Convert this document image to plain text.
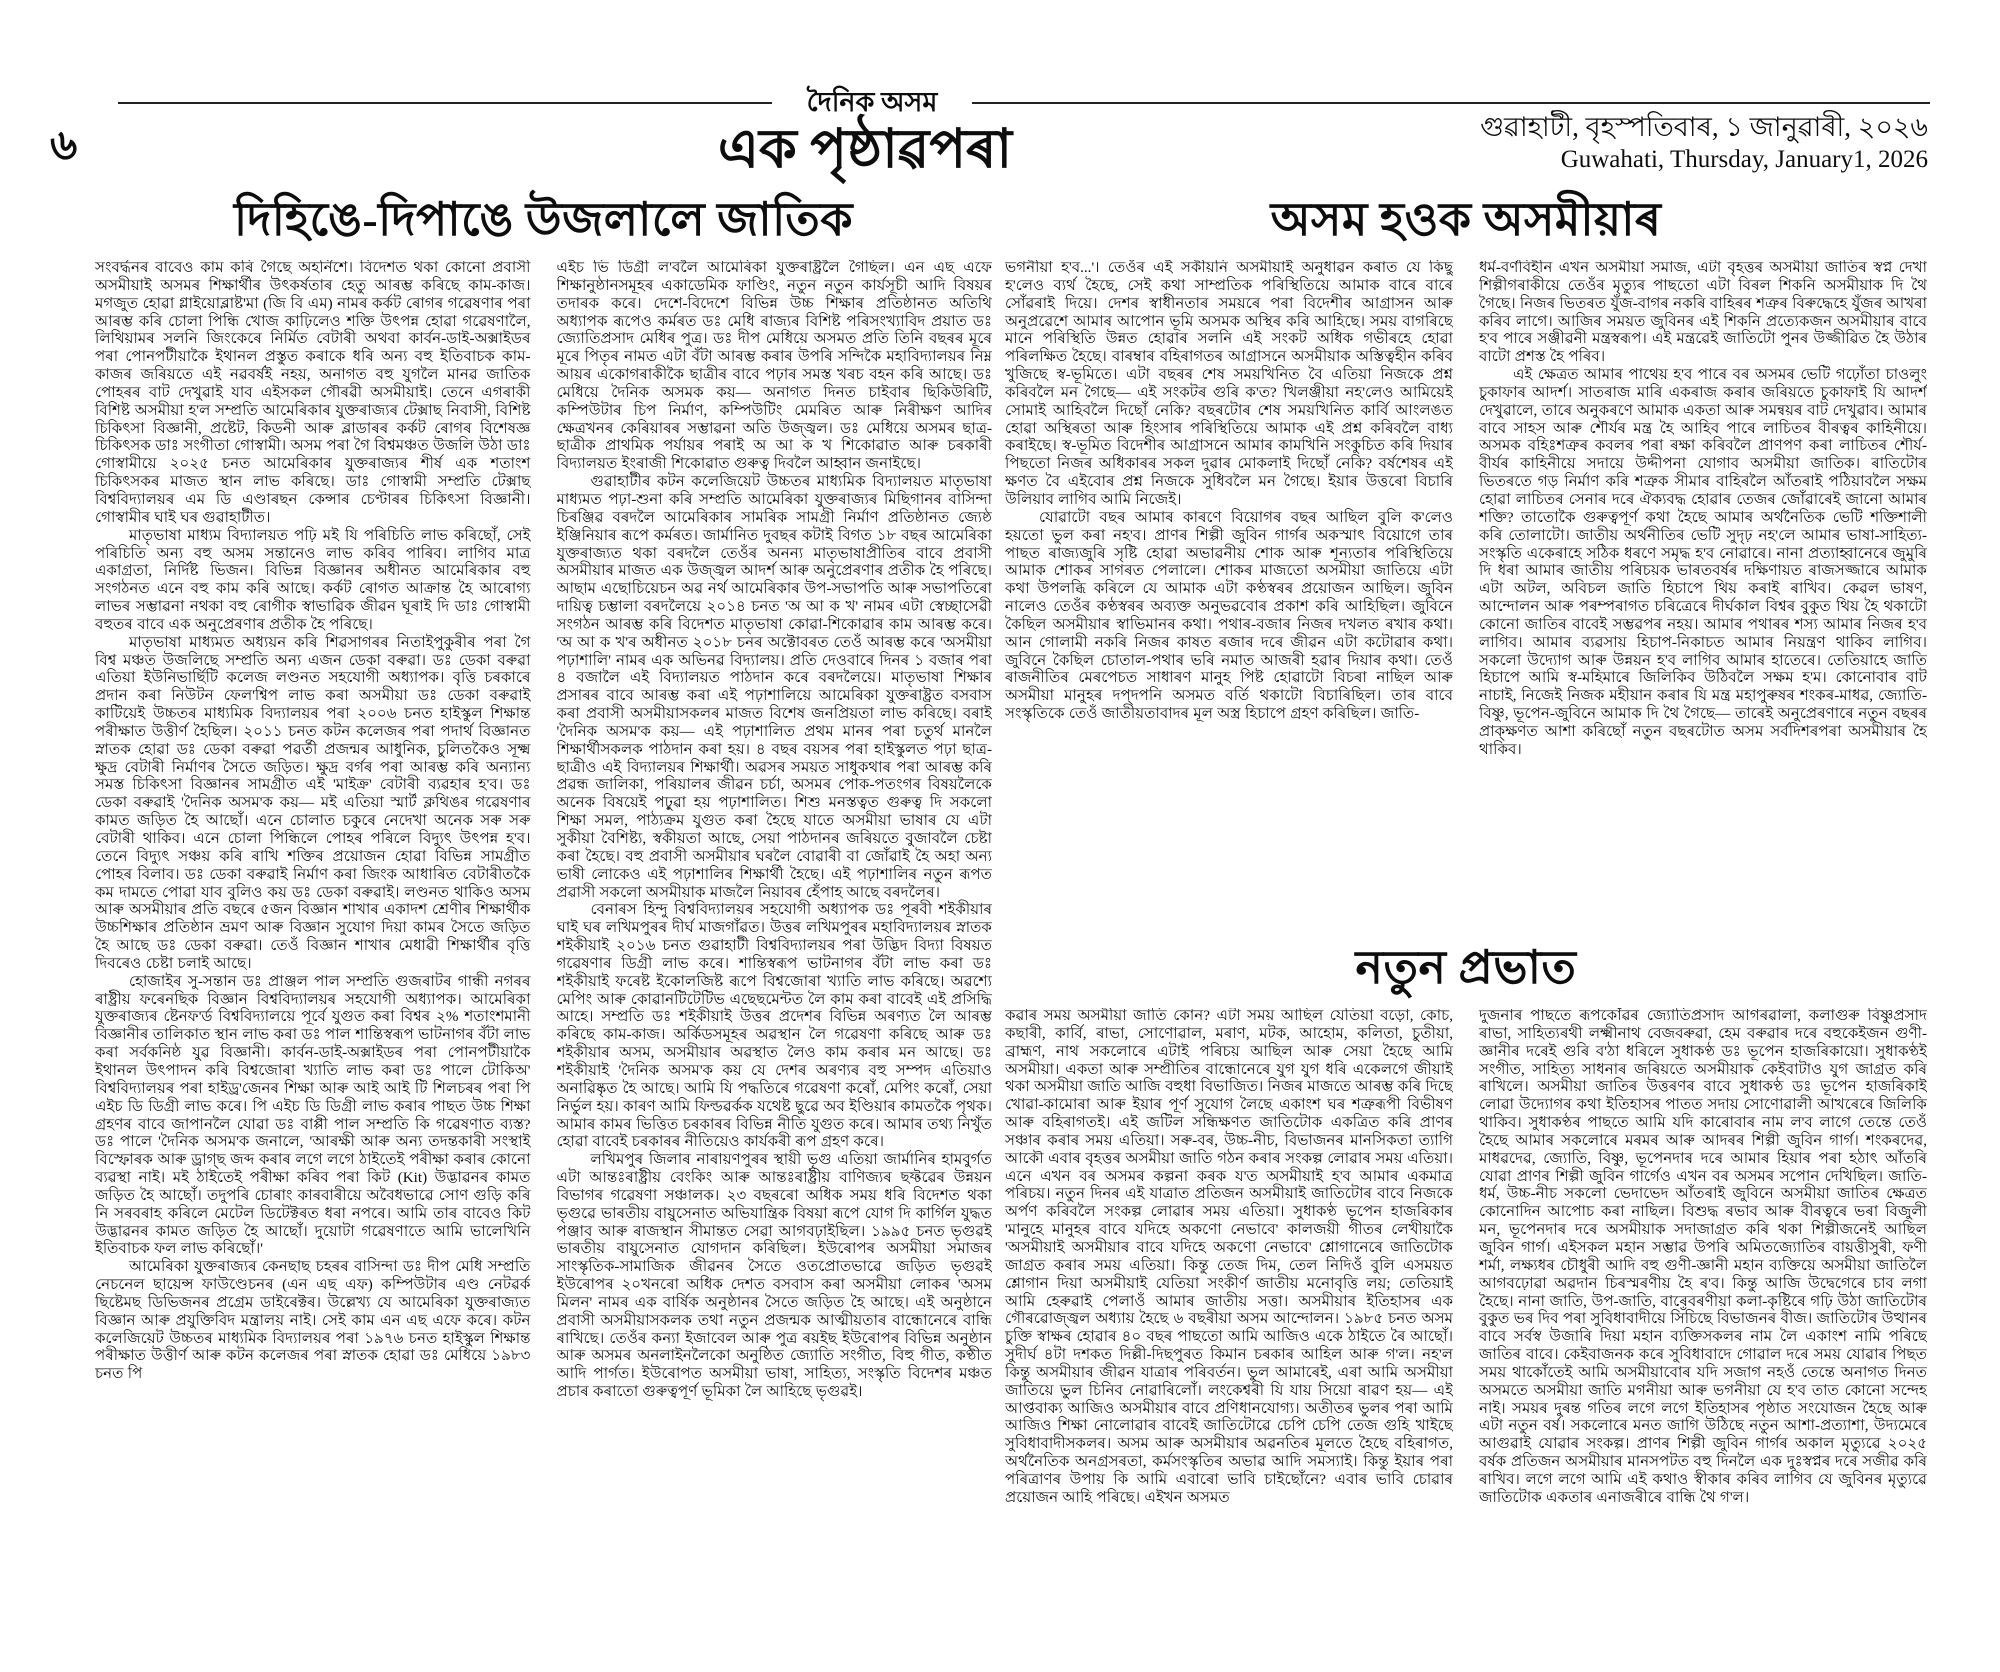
দৈনিক অসম
৬	এক পৃষ্ঠাৱপৰা	গুৱাহাটী, বৃহস্পতিবাৰ, ১ জানুৱাৰী, ২০২৬
Guwahati, Thursday, January1, 2026
দিহিঙে-দিপাঙে উজলালে জাতিক

সংবৰ্দ্ধনৰ বাবেও কাম কৰি গৈছে অহৰ্নিশে। বিদেশত থকা কোনো প্ৰবাসী অসমীয়াই অসমৰ শিক্ষাৰ্থীৰ উৎকৰ্ষতাৰ হেতু আৰম্ভ কৰিছে কাম-কাজ। মগজুত হোৱা গ্লাইয়োব্লাষ্ট'মা (জি বি এম) নামৰ কৰ্কট ৰোগৰ গৱেষণাৰ পৰা আৰম্ভ কৰি চোলা পিন্ধি খোজ কাঢ়িলেও শক্তি উৎপন্ন হোৱা গৱেষণালৈ, লিথিয়ামৰ সলনি জিংকেৰে নিৰ্মিত বেটাৰী অথবা কাৰ্বন-ডাই-অক্সাইডৰ পৰা পোনপটীয়াকৈ ইথানল প্ৰস্তুত কৰাকে ধৰি অন্য বহু ইতিবাচক কাম-কাজৰ জৰিয়তে এই নৱবৰ্ষই নহয়, অনাগত বহু যুগলৈ মানৱ জাতিক পোহৰৰ বাট দেখুৱাই যাব এইসকল গৌৰৱী অসমীয়াই। তেনে এগৰাকী বিশিষ্ট অসমীয়া হ'ল সম্প্ৰতি আমেৰিকাৰ যুক্তৰাজ্যৰ টেক্সাছ নিবাসী, বিশিষ্ট চিকিৎসা বিজ্ঞানী, প্ৰষ্টেট, কিডনী আৰু ব্লাডাৰৰ কৰ্কট ৰোগৰ বিশেষজ্ঞ চিকিৎসক ডাঃ সংগীতা গোস্বামী। অসম পৰা গৈ বিশ্বমঞ্চত উজলি উঠা ডাঃ গোস্বামীয়ে ২০২৫ চনত আমেৰিকাৰ যুক্তৰাজ্যৰ শীৰ্ষ এক শতাংশ চিকিৎসকৰ মাজত স্থান লাভ কৰিছে। ডাঃ গোস্বামী সম্প্ৰতি টেক্সাছ বিশ্ববিদ্যালয়ৰ এম ডি এণ্ডাৰছন কেন্সাৰ চেণ্টাৰৰ চিকিৎসা বিজ্ঞানী। গোস্বামীৰ ঘাই ঘৰ গুৱাহাটীত।

মাতৃভাষা মাধ্যম বিদ্যালয়ত পঢ়ি মই যি পৰিচিতি লাভ কৰিছোঁ, সেই পৰিচিতি অন্য বহু অসম সন্তানেও লাভ কৰিব পাৰিব। লাগিব মাত্ৰ একাগ্ৰতা, নিৰ্দিষ্ট ভিজন। বিভিন্ন বিজ্ঞানৰ অধীনত আমেৰিকাৰ বহু সংগঠনত এনে বহু কাম কৰি আছে। কৰ্কট ৰোগত আক্ৰান্ত হৈ আৰোগ্য লাভৰ সম্ভাৱনা নথকা বহু ৰোগীক স্বাভাৱিক জীৱন ঘূৰাই দি ডাঃ গোস্বামী বহুতৰ বাবে এক অনুপ্ৰেৰণাৰ প্ৰতীক হৈ পৰিছে।

মাতৃভাষা মাধ্যমত অধ্যয়ন কৰি শিৱসাগৰৰ নিতাইপুকুৰীৰ পৰা গৈ বিশ্ব মঞ্চত উজলিছে সম্প্ৰতি অন্য এজন ডেকা বৰুৱা। ডঃ ডেকা বৰুৱা এতিয়া ইউনিভাৰ্ছিটি কলেজ লণ্ডনত সহযোগী অধ্যাপক। বৃত্তি চৰকাৰে প্ৰদান কৰা নিউটন ফেল'শ্বিপ লাভ কৰা অসমীয়া ডঃ ডেকা বৰুৱাই কাটিয়েই উচ্চতৰ মাধ্যমিক বিদ্যালয়ৰ পৰা ২০০৬ চনত হাইস্কুল শিক্ষান্ত পৰীক্ষাত উত্তীৰ্ণ হৈছিল। ২০১১ চনত কটন কলেজৰ পৰা পদাৰ্থ বিজ্ঞানত স্নাতক হোৱা ডঃ ডেকা বৰুৱা পৱৰ্তী প্ৰজন্মৰ আধুনিক, চুলিতকৈও সূক্ষ্ম ক্ষুদ্ৰ বেটাৰী নিৰ্মাণৰ সৈতে জড়িত। ক্ষুদ্ৰ বৰ্গৰ পৰা আৰম্ভ কৰি অন্যান্য সমস্ত চিকিৎসা বিজ্ঞানৰ সামগ্ৰীত এই 'মাইক্ৰ' বেটাৰী ব্যৱহাৰ হ'ব। ডঃ ডেকা বৰুৱাই 'দৈনিক অসম'ক কয়— মই এতিয়া স্মাৰ্ট ক্লথিঙৰ গৱেষণাৰ কামত জড়িত হৈ আছোঁ। এনে চোলাত চকুৰে নেদেখা অনেক সৰু সৰু বেটাৰী থাকিব। এনে চোলা পিন্ধিলে পোহৰ পৰিলে বিদ্যুৎ উৎপন্ন হ'ব। তেনে বিদ্যুৎ সঞ্চয় কৰি ৰাখি শক্তিৰ প্ৰয়োজন হোৱা বিভিন্ন সামগ্ৰীত পোহৰ বিলাব। ডঃ ডেকা বৰুৱাই নিৰ্মাণ কৰা জিংক আধাৰিত বেটাৰীতকৈ কম দামতে পোৱা যাব বুলিও কয় ডঃ ডেকা বৰুৱাই। লণ্ডনত থাকিও অসম আৰু অসমীয়াৰ প্ৰতি বছৰে ৫জন বিজ্ঞান শাখাৰ একাদশ শ্ৰেণীৰ শিক্ষাৰ্থীক উচ্চশিক্ষাৰ প্ৰতিষ্ঠান ভ্ৰমণ আৰু বিজ্ঞান সুযোগ দিয়া কামৰ সৈতে জড়িত হৈ আছে ডঃ ডেকা বৰুৱা। তেওঁ বিজ্ঞান শাখাৰ মেধাৱী শিক্ষাৰ্থীৰ বৃত্তি দিবৰেও চেষ্টা চলাই আছে।

হোজাইৰ সু-সন্তান ডঃ প্ৰাঞ্জল পাল সম্প্ৰতি গুজৰাটৰ গান্ধী নগৰৰ ৰাষ্ট্ৰীয় ফৰেনছিক বিজ্ঞান বিশ্ববিদ্যালয়ৰ সহযোগী অধ্যাপক। আমেৰিকা যুক্তৰাজ্যৰ ষ্টেনফ'ৰ্ড বিশ্ববিদ্যালয়ে পূৰ্বে যুগুত কৰা বিশ্বৰ ২% শতাংশমানী বিজ্ঞানীৰ তালিকাত স্থান লাভ কৰা ডঃ পাল শান্তিস্বৰূপ ভাটনাগৰ বঁটা লাভ কৰা সৰ্বকনিষ্ঠ যুৱ বিজ্ঞানী। কাৰ্বন-ডাই-অক্সাইডৰ পৰা পোনপটীয়াকৈ ইথানল উৎপাদন কৰি বিশ্বজোৰা খ্যাতি লাভ কৰা ডঃ পালে টোকিঅ' বিশ্ববিদ্যালয়ৰ পৰা হাইড্ৰ'জেনৰ শিক্ষা আৰু আই আই টি শিলচৰৰ পৰা পি এইচ ডি ডিগ্ৰী লাভ কৰে। পি এইচ ডি ডিগ্ৰী লাভ কৰাৰ পাছত উচ্চ শিক্ষা গ্ৰহণৰ বাবে জাপানলৈ যোৱা ডঃ বাপ্পী পাল সম্প্ৰতি কি গৱেষণাত ব্যস্ত? ডঃ পালে 'দৈনিক অসম'ক জনালে, 'আৰক্ষী আৰু অন্য তদন্তকাৰী সংস্থাই বিস্ফোৰক আৰু ড্ৰাগ্‌ছ জব্দ কৰাৰ লগে লগে ঠাইতেই পৰীক্ষা কৰাৰ কোনো ব্যৱস্থা নাই। মই ঠাইতেই পৰীক্ষা কৰিব পৰা কিট (Kit) উদ্ভাৱনৰ কামত জড়িত হৈ আছোঁ। তদুপৰি চোৰাং কাৰবাৰীয়ে অবৈধভাৱে সোণ গুড়ি কৰি নি সৰবৰাহ কৰিলে মেটেল ডিটেক্টৰত ধৰা নপৰে। আমি তাৰ বাবেও কিট উদ্ভাৱনৰ কামত জড়িত হৈ আছোঁ। দুয়োটা গৱেষণাতে আমি ভালেখিনি ইতিবাচক ফল লাভ কৰিছোঁ।'

আমেৰিকা যুক্তৰাজ্যৰ কেনছাছ চহৰৰ বাসিন্দা ডঃ দীপ মেধি সম্প্ৰতি নেচনেল ছায়েন্স ফাউণ্ডেচনৰ (এন এছ এফ) কম্পিউটাৰ এণ্ড নেটৱৰ্ক ছিষ্টেমছ ডিভিজনৰ প্ৰগ্ৰেম ডাইৰেক্টৰ। উল্লেখ্য যে আমেৰিকা যুক্তৰাজ্যত বিজ্ঞান আৰু প্ৰযুক্তিবিদ মন্ত্ৰালয় নাই। সেই কাম এন এছ এফে কৰে। কটন কলেজিয়েট উচ্চতৰ মাধ্যমিক বিদ্যালয়ৰ পৰা ১৯৭৬ চনত হাইস্কুল শিক্ষান্ত পৰীক্ষাত উত্তীৰ্ণ আৰু কটন কলেজৰ পৰা স্নাতক হোৱা ডঃ মেধিয়ে ১৯৮৩ চনত পি

এইচ ভি ডিগ্ৰী ল'বলৈ আমেৰিকা যুক্তৰাষ্ট্ৰলৈ গৈছিল। এন এছ এফে শিক্ষানুষ্ঠানসমূহৰ একাডেমিক ফাণ্ডিং, নতুন নতুন কাৰ্যসূচী আদি বিষয়ৰ তদাৰক কৰে। দেশে-বিদেশে বিভিন্ন উচ্চ শিক্ষাৰ প্ৰতিষ্ঠানত অতিথি অধ্যাপক ৰূপেও কৰ্মৰত ডঃ মেধি ৰাজ্যৰ বিশিষ্ট পৰিসংখ্যাবিদ প্ৰয়াত ডঃ জ্যোতিপ্ৰসাদ মেধিৰ পুত্ৰ। ডঃ দীপ মেধিয়ে অসমত প্ৰতি তিনি বছৰৰ মূৰে মূৰে পিতৃৰ নামত এটা বঁটা আৰম্ভ কৰাৰ উপৰি সন্দিকৈ মহাবিদ্যালয়ৰ নিম্ন আয়ৰ একোগৰাকীকৈ ছাত্ৰীৰ বাবে পঢ়াৰ সমস্ত খৰচ বহন কৰি আছে। ডঃ মেধিয়ে দৈনিক অসমক কয়— অনাগত দিনত চাইবাৰ ছিকিউৰিটি, কম্পিউটাৰ চিপ নিৰ্মাণ, কম্পিউটিং মেমৰিত আৰু নিৰীক্ষণ আদিৰ ক্ষেত্ৰখনৰ কেৰিয়াৰৰ সম্ভাৱনা অতি উজ্জ্বল। ডঃ মেধিয়ে অসমৰ ছাত্ৰ-ছাত্ৰীক প্ৰাথমিক পৰ্যায়ৰ পৰাই অ আ ক খ শিকোৱাত আৰু চৰকাৰী বিদ্যালয়ত ইংৰাজী শিকোৱাত গুৰুত্ব দিবলৈ আহ্বান জনাইছে।

গুৱাহাটীৰ কটন কলেজিয়েট উচ্চতৰ মাধ্যমিক বিদ্যালয়ত মাতৃভাষা মাধ্যমত পঢ়া-শুনা কৰি সম্প্ৰতি আমেৰিকা যুক্তৰাজ্যৰ মিছিগানৰ বাসিন্দা চিৰঞ্জিৱ বৰদলৈ আমেৰিকাৰ সামৰিক সামগ্ৰী নিৰ্মাণ প্ৰতিষ্ঠানত জ্যেষ্ঠ ইঞ্জিনিয়াৰ ৰূপে কৰ্মৰত। জাৰ্মানিত দুবছৰ কটাই বিগত ১৮ বছৰ আমেৰিকা যুক্তৰাজ্যত থকা বৰদলৈ তেওঁৰ অনন্য মাতৃভাষাপ্ৰীতিৰ বাবে প্ৰবাসী অসমীয়াৰ মাজত এক উজ্জ্বল আদৰ্শ আৰু অনুপ্ৰেৰণাৰ প্ৰতীক হৈ পৰিছে। আছাম এছোচিয়েচন অৱ নৰ্থ আমেৰিকাৰ উপ-সভাপতি আৰু সভাপতিৰো দায়িত্ব চম্ভালা বৰদলৈয়ে ২০১৪ চনত 'অ আ ক খ' নামৰ এটা স্বেচ্ছাসেৱী সংগঠন আৰম্ভ কৰি বিদেশত মাতৃভাষা কোৱা-শিকোৱাৰ কাম আৰম্ভ কৰে। 'অ আ ক খ'ৰ অধীনত ২০১৮ চনৰ অক্টোবৰত তেওঁ আৰম্ভ কৰে 'অসমীয়া পঢ়াশালি' নামৰ এক অভিনৱ বিদ্যালয়। প্ৰতি দেওবাৰে দিনৰ ১ বজাৰ পৰা ৪ বজালৈ এই বিদ্যালয়ত পাঠদান কৰে বৰদলৈয়ে। মাতৃভাষা শিক্ষাৰ প্ৰসাৰৰ বাবে আৰম্ভ কৰা এই পঢ়াশালিয়ে আমেৰিকা যুক্তৰাষ্ট্ৰত বসবাস কৰা প্ৰবাসী অসমীয়াসকলৰ মাজত বিশেষ জনপ্ৰিয়তা লাভ কৰিছে। বৰাই 'দৈনিক অসম'ক কয়— এই পঢ়াশালিত প্ৰথম মানৰ পৰা চতুৰ্থ মানলৈ শিক্ষাৰ্থীসকলক পাঠদান কৰা হয়। ৪ বছৰ বয়সৰ পৰা হাইস্কুলত পঢ়া ছাত্ৰ-ছাত্ৰীও এই বিদ্যালয়ৰ শিক্ষাৰ্থী। অৱসৰ সময়ত সাধুকথাৰ পৰা আৰম্ভ কৰি প্ৰৱন্ধ জালিকা, পৰিয়ালৰ জীৱন চৰ্চা, অসমৰ পোক-পতংগৰ বিষয়লৈকে অনেক বিষয়েই পঢ়ুৱা হয় পঢ়াশালিত। শিশু মনস্তত্বত গুৰুত্ব দি সকলো শিক্ষা সমল, পাঠ্যক্ৰম যুগুত কৰা হৈছে যাতে অসমীয়া ভাষাৰ যে এটা সুকীয়া বৈশিষ্ট্য, স্বকীয়তা আছে, সেয়া পাঠদানৰ জৰিয়তে বুজাবলৈ চেষ্টা কৰা হৈছে। বহু প্ৰবাসী অসমীয়াৰ ঘৰলৈ বোৱাৰী বা জোঁৱাই হৈ অহা অন্য ভাষী লোকেও এই পঢ়াশালিৰ শিক্ষাৰ্থী হৈছে। এই পঢ়াশালিৰ নতুন ৰূপত প্ৰৱাসী সকলো অসমীয়াক মাজলৈ নিয়াবৰ হেঁপাহ আছে বৰদলৈৰ।

বেনাৰস হিন্দু বিশ্ববিদ্যালয়ৰ সহযোগী অধ্যাপক ডঃ পূৰবী শইকীয়াৰ ঘাই ঘৰ লখিমপুৰৰ দীৰ্ঘ মাজগাঁৱত। উত্তৰ লখিমপুৰৰ মহাবিদ্যালয়ৰ স্নাতক শইকীয়াই ২০১৬ চনত গুৱাহাটী বিশ্ববিদ্যালয়ৰ পৰা উদ্ভিদ বিদ্যা বিষয়ত গৱেষণাৰ ডিগ্ৰী লাভ কৰে। শান্তিস্বৰূপ ভাটনাগৰ বঁটা লাভ কৰা ডঃ শইকীয়াই ফৰেষ্ট ইকোলজিষ্ট ৰূপে বিশ্বজোৰা খ্যাতি লাভ কৰিছে। অৱশ্যে মেপিং আৰু কোৱানটিটেটিভ এছেছমেন্টত লৈ কাম কৰা বাবেই এই প্ৰসিদ্ধি আহে। সম্প্ৰতি ডঃ শইকীয়াই উত্তৰ প্ৰদেশৰ বিভিন্ন অৰণ্যত লৈ আৰম্ভ কৰিছে কাম-কাজ। অৰ্কিডসমূহৰ অৱস্থান লৈ গৱেষণা কৰিছে আৰু ডঃ শইকীয়াৰ অসম, অসমীয়াৰ অৱস্থাত লৈও কাম কৰাৰ মন আছে। ডঃ শইকীয়াই 'দৈনিক অসম'ক কয় যে দেশৰ অৰণ্যৰ বহু সম্পদ এতিয়াও অনাৱিষ্কৃত হৈ আছে। আমি যি পদ্ধতিৰে গৱেষণা কৰোঁ, মেপিং কৰোঁ, সেয়া নিৰ্ভুল হয়। কাৰণ আমি ফিল্ডৱৰ্কক যথেষ্ট ছুৱে অব ইণ্ডিয়াৰ কামতকৈ পৃথক। আমাৰ কামৰ ভিত্তিত চৰকাৰৰ বিভিন্ন নীতি যুগুত কৰে। আমাৰ তথ্য নিখুঁত হোৱা বাবেই চৰকাৰৰ নীতিয়েও কাৰ্যকৰী ৰূপ গ্ৰহণ কৰে।

লখিমপুৰ জিলাৰ নাৰায়ণপুৰৰ স্থায়ী ভৃগু এতিয়া জাৰ্মানিৰ হামবুৰ্গত এটা আন্তঃৰাষ্ট্ৰীয় বেংকিং আৰু আন্তঃৰাষ্ট্ৰীয় বাণিজ্যৰ ছফ্টৱেৰ উন্নয়ন বিভাগৰ গৱেষণা সঞ্চালক। ২৩ বছৰৰো অধিক সময় ধৰি বিদেশত থকা ভৃগুৱে ভাৰতীয় বায়ুসেনাত অভিযান্ত্ৰিক বিষয়া ৰূপে যোগ দি কাৰ্গিল যুদ্ধত পঞ্জাব আৰু ৰাজস্থান সীমান্তত সেৱা আগবঢ়াইছিল। ১৯৯৫ চনত ভৃগুৱই ভাৰতীয় বায়ুসেনাত যোগদান কৰিছিল। ইউৰোপৰ অসমীয়া সমাজৰ সাংস্কৃতিক-সামাজিক জীৱনৰ সৈতে ওতপ্ৰোতভাৱে জড়িত ভৃগুৱই ইউৰোপৰ ২০খনৰো অধিক দেশত বসবাস কৰা অসমীয়া লোকৰ 'অসম মিলন' নামৰ এক বাৰ্ষিক অনুষ্ঠানৰ সৈতে জড়িত হৈ আছে। এই অনুষ্ঠানে প্ৰবাসী অসমীয়াসকলক তথা নতুন প্ৰজন্মক আত্মীয়তাৰ বান্ধোনেৰে বান্ধি ৰাখিছে। তেওঁৰ কন্যা ইজাবেল আৰু পুত্ৰ ৰয়ইছ ইউৰোপৰ বিভিন্ন অনুষ্ঠান আৰু অসমৰ অনলাইনলৈকো অনুষ্ঠিত জ্যোতি সংগীত, বিহু গীত, কণ্ঠীত আদি পাৰ্গত। ইউৰোপত অসমীয়া ভাষা, সাহিত্য, সংস্কৃতি বিদেশৰ মঞ্চত প্ৰচাৰ কৰাতো গুৰুত্বপূৰ্ণ ভূমিকা লৈ আহিছে ভৃগুৱই।

অসম হওক অসমীয়াৰ

ভগনীয়া হ'ব...'। তেওঁৰ এই সকীয়নি অসমীয়াই অনুধাৱন কৰাত যে কিছু হ'লেও ব্যৰ্থ হৈছে, সেই কথা সাম্প্ৰতিক পৰিস্থিতিয়ে আমাক বাৰে বাৰে সোঁৱৰাই দিয়ে। দেশৰ স্বাধীনতাৰ সময়ৰে পৰা বিদেশীৰ আগ্ৰাসন আৰু অনুপ্ৰৱেশে আমাৰ আপোন ভূমি অসমক অস্থিৰ কৰি আহিছে। সময় বাগৰিছে মানে পৰিস্থিতি উন্নত হোৱাৰ সলনি এই সংকট অধিক গভীৰহে হোৱা পৰিলক্ষিত হৈছে। বাৰম্বাৰ বহিৰাগতৰ আগ্ৰাসনে অসমীয়াক অস্তিত্বহীন কৰিব খুজিছে স্ব-ভূমিতে। এটা বছৰৰ শেষ সময়খিনিত বৈ এতিয়া নিজকে প্ৰশ্ন কৰিবলৈ মন গৈছে— এই সংকটৰ গুৰি ক'ত? খিলঞ্জীয়া নহ'লেও আমিয়েই সোমাই আহিবলৈ দিছোঁ নেকি? বছৰটোৰ শেষ সময়খিনিত কাৰ্বি আংলঙত হোৱা অস্থিৰতা আৰু হিংসাৰ পৰিস্থিতিয়ে আমাক এই প্ৰশ্ন কৰিবলৈ বাধ্য কৰাইছে। স্ব-ভূমিত বিদেশীৰ আগ্ৰাসনে আমাৰ কামখিনি সংকুচিত কৰি দিয়াৰ পিছতো নিজৰ অধিকাৰৰ সকল দুৱাৰ মোকলাই দিছোঁ নেকি? বৰ্ষশেষৰ এই ক্ষণত বৈ এইবোৰ প্ৰশ্ন নিজকে সুধিবলৈ মন গৈছে। ইয়াৰ উত্তৰো বিচাৰি উলিয়াব লাগিব আমি নিজেই।

যোৱাটো বছৰ আমাৰ কাৰণে বিয়োগৰ বছৰ আছিল বুলি ক'লেও হয়তো ভুল কৰা নহ'ব। প্ৰাণৰ শিল্পী জুবিন গাৰ্গৰ অকস্মাৎ বিয়োগে তাৰ পাছত ৰাজ্যজুৰি সৃষ্টি হোৱা অভাৱনীয় শোক আৰু শূন্যতাৰ পৰিস্থিতিয়ে আমাক শোকৰ সাগৰত পেলালে। শোকৰ মাজতো অসমীয়া জাতিয়ে এটা কথা উপলব্ধি কৰিলে যে আমাক এটা কণ্ঠস্বৰৰ প্ৰয়োজন আছিল। জুবিন নালেও তেওঁৰ কণ্ঠস্বৰৰ অব্যক্ত অনুভৱবোৰ প্ৰকাশ কৰি আহিছিল। জুবিনে কৈছিল অসমীয়াৰ স্বাভিমানৰ কথা। পথাৰ-বজাৰ নিজৰ দখলত ৰখাৰ কথা। আন গোলামী নকৰি নিজৰ কাষত ৰজাৰ দৰে জীৱন এটা কটোৱাৰ কথা। জুবিনে কৈছিল চোতাল-পথাৰ ভৰি নমাত আজৰী হৱাৰ দিয়াৰ কথা। তেওঁ ৰাজনীতিৰ মেৰপেচত সাধাৰণ মানুহ পিষ্ট হোৱাটো বিচৰা নাছিল আৰু অসমীয়া মানুহৰ দপ্‌দপনি অসমত বৰ্তি থকাটো বিচাৰিছিল। তাৰ বাবে সংস্কৃতিকে তেওঁ জাতীয়তাবাদৰ মূল অস্ত্ৰ হিচাপে গ্ৰহণ কৰিছিল। জাতি-

ধৰ্ম-বৰ্ণবিহীন এখন অসমীয়া সমাজ, এটা বৃহত্তৰ অসমীয়া জাতিৰ স্বপ্ন দেখা শিল্পীগৰাকীয়ে তেওঁৰ মৃত্যুৰ পাছতো এটা বিৰল শিকনি অসমীয়াক দি থৈ গৈছে। নিজৰ ভিতৰত যুঁজ-বাগৰ নকৰি বাহিৰৰ শত্ৰুৰ বিৰুদ্ধেহে যুঁজৰ আখৰা কৰিব লাগে। আজিৰ সময়ত জুবিনৰ এই শিকনি প্ৰত্যেকজন অসমীয়াৰ বাবে হ'ব পাৰে সঞ্জীৱনী মন্ত্ৰস্বৰূপ। এই মন্ত্ৰৱেই জাতিটো পুনৰ উজ্জীৱিত হৈ উঠাৰ বাটো প্ৰশস্ত হৈ পৰিব।

এই ক্ষেত্ৰত আমাৰ পাথেয় হ'ব পাৰে বৰ অসমৰ ভেটি গঢ়োঁতা চাওলুং চুকাফাৰ আদৰ্শ। সাতৰাজ মাৰি একৰাজ কৰাৰ জৰিয়তে চুকাফাই যি আদৰ্শ দেখুৱালে, তাৰে অনুকৰণে আমাক একতা আৰু সমন্বয়ৰ বাট দেখুৱাব। আমাৰ বাবে সাহস আৰু শৌৰ্যৰ মন্ত্ৰ হৈ আহিব পাৰে লাচিতৰ বীৰত্বৰ কাহিনীয়ে। অসমক বহিঃশত্ৰুৰ কবলৰ পৰা ৰক্ষা কৰিবলৈ প্ৰাণপণ কৰা লাচিতৰ শৌৰ্য-বীৰ্যৰ কাহিনীয়ে সদায়ে উদ্দীপনা যোগাব অসমীয়া জাতিক। ৰাতিটোৰ ভিতৰতে গড় নিৰ্মাণ কৰি শত্ৰুক সীমাৰ বাহিৰলৈ আঁতৰাই পঠিয়াবলৈ সক্ষম হোৱা লাচিতৰ সেনাৰ দৰে ঐক্যবদ্ধ হোৱাৰ তেজৰ জোঁৱাৰেই জানো আমাৰ শক্তি? তাতোকৈ গুৰুত্বপূৰ্ণ কথা হৈছে আমাৰ অৰ্থনৈতিক ভেটি শক্তিশালী কৰি তোলাটো। জাতীয় অৰ্থনীতিৰ ভেটি সুদৃঢ় নহ'লে আমাৰ ভাষা-সাহিত্য-সংস্কৃতি একেৰাহে সঠিক ধৰণে সমৃদ্ধ হ'ব নোৱাৰে। নানা প্ৰত্যাহ্বানেৰে জুমুৰি দি ধৰা আমাৰ জাতীয় পৰিচয়ক ভাৰতবৰ্ষৰ দক্ষিণায়ত ৰাজসজ্জাৰে আমাক এটা অটল, অবিচল জাতি হিচাপে থিয় কৰাই ৰাখিব। কেৱল ভাষণ, আন্দোলন আৰু পৰম্পৰাগত চৰিত্ৰেৰে দীৰ্ঘকাল বিশ্বৰ বুকুত থিয় হৈ থকাটো কোনো জাতিৰ বাবেই সম্ভৱপৰ নহয়। আমাৰ পথাৰৰ শস্য আমাৰ নিজৰ হ'ব লাগিব। আমাৰ ব্যৱসায় হিচাপ-নিকাচত আমাৰ নিয়ন্ত্ৰণ থাকিব লাগিব। সকলো উদ্যোগ আৰু উন্নয়ন হ'ব লাগিব আমাৰ হাতেৰে। তেতিয়াহে জাতি হিচাপে আমি স্ব-মহিমাৰে জিলিকিব উঠিবলৈ সক্ষম হ'ম। কোনোবাৰ বাট নাচাই, নিজেই নিজক মহীয়ান কৰাৰ যি মন্ত্ৰ মহাপুৰুষৰ শংকৰ-মাধৱ, জ্যোতি-বিষ্ণু, ভূপেন-জুবিনে আমাক দি থৈ গৈছে— তাৰেই অনুপ্ৰেৰণাৰে নতুন বছৰৰ প্ৰাক্ক্ষণত আশা কৰিছোঁ নতুন বছৰটোত অসম সৰ্বদিশৰপৰা অসমীয়াৰ হৈ থাকিব।

নতুন প্ৰভাত

কৱাৰ সময় অসমীয়া জাতি কোন? এটা সময় আছিল যেতিয়া বড়ো, কোচ, কছাৰী, কাৰ্বি, ৰাভা, সোণোৱাল, মৰাণ, মটক, আহোম, কলিতা, চুতীয়া, ব্ৰাহ্মণ, নাথ সকলোৰে এটাই পৰিচয় আছিল আৰু সেয়া হৈছে আমি অসমীয়া। একতা আৰু সম্প্ৰীতিৰ বান্ধোনেৰে যুগ যুগ ধৰি একেলগে জীয়াই থকা অসমীয়া জাতি আজি বহুধা বিভাজিত। নিজৰ মাজতে আৰম্ভ কৰি দিছে খোৱা-কামোৰা আৰু ইয়াৰ পূৰ্ণ সুযোগ লৈছে একাংশ ঘৰ শত্ৰুৰূপী বিভীষণ আৰু বহিৰাগতই। এই জটিল সন্ধিক্ষণত জাতিটোক একত্ৰিত কৰি প্ৰাণৰ সঞ্চাৰ কৰাৰ সময় এতিয়া। সৰু-বৰ, উচ্চ-নীচ, বিভাজনৰ মানসিকতা ত্যাগি আকৌ এবাৰ বৃহত্তৰ অসমীয়া জাতি গঠন কৰাৰ সংকল্প লোৱাৰ সময় এতিয়া। এনে এখন বৰ অসমৰ কল্পনা কৰক য'ত অসমীয়াই হ'ব আমাৰ একমাত্ৰ পৰিচয়। নতুন দিনৰ এই যাত্ৰাত প্ৰতিজন অসমীয়াই জাতিটোৰ বাবে নিজকে অৰ্পণ কৰিবলৈ সংকল্প লোৱাৰ সময় এতিয়া। সুধাকণ্ঠ ভূপেন হাজৰিকাৰ 'মানুহে মানুহৰ বাবে যদিহে অকণো নেভাবে' কালজয়ী গীতৰ লেখীয়াকৈ 'অসমীয়াই অসমীয়াৰ বাবে যদিহে অকণো নেভাবে' শ্লোগানেৰে জাতিটোক জাগ্ৰত কৰাৰ সময় এতিয়া। কিন্তু তেজ দিম, তেল নিদিওঁ বুলি এসময়ত শ্লোগান দিয়া অসমীয়াই যেতিয়া সংকীৰ্ণ জাতীয় মনোবৃত্তি লয়; তেতিয়াই আমি হেৰুৱাই পেলাওঁ আমাৰ জাতীয় সত্তা। অসমীয়াৰ ইতিহাসৰ এক গৌৰৱোজ্জ্বল অধ্যায় হৈছে ৬ বছৰীয়া অসম আন্দোলন। ১৯৮৫ চনত অসম চুক্তি স্বাক্ষৰ হোৱাৰ ৪০ বছৰ পাছতো আমি আজিও একে ঠাইতে ৰৈ আছোঁ। সুদীৰ্ঘ ৪টা দশকত দিল্লী-দিছপুৰত কিমান চৰকাৰ আহিল আৰু গ'ল। নহ'ল কিন্তু অসমীয়াৰ জীৱন যাত্ৰাৰ পৰিবৰ্তন। ভুল আমাৰেই, এৰা আমি অসমীয়া জাতিয়ে ভুল চিনিব নোৱাৰিলোঁ। লংকেশ্বৰী যি যায় সিয়ো ৰাৱণ হয়— এই আপ্তবাক্য আজিও অসমীয়াৰ বাবে প্ৰণিধানযোগ্য। অতীতৰ ভুলৰ পৰা আমি আজিও শিক্ষা নোলোৱাৰ বাবেই জাতিটোৱে চেপি চেপি তেজ গুহি খাইছে সুবিধাবাদীসকলৰ। অসম আৰু অসমীয়াৰ অৱনতিৰ মূলতে হৈছে বহিৰাগত, অৰ্থনৈতিক অনগ্ৰসৰতা, কৰ্মসংস্কৃতিৰ অভাৱ আদি সমস্যাই। কিন্তু ইয়াৰ পৰা পৰিত্ৰাণৰ উপায় কি আমি এবাৰো ভাবি চাইছোঁনে? এবাৰ ভাবি চোৱাৰ প্ৰয়োজন আহি পৰিছে। এইখন অসমত

দুজনাৰ পাছতে ৰূপকোঁৱৰ জ্যোতিপ্ৰসাদ আগৰৱালা, কলাগুৰু বিষ্ণুপ্ৰসাদ ৰাভা, সাহিত্যৰথী লক্ষ্মীনাথ বেজবৰুৱা, হেম বৰুৱাৰ দৰে বহুকেইজন গুণী-জ্ঞানীৰ দৰেই গুৰি ব'ঠা ধৰিলে সুধাকণ্ঠ ডঃ ভূপেন হাজৰিকায়ো। সুধাকণ্ঠই সংগীত, সাহিত্য সাধনাৰ জৰিয়তে অসমীয়াক কেইবাটাও যুগ জাগ্ৰত কৰি ৰাখিলে। অসমীয়া জাতিৰ উত্তৰণৰ বাবে সুধাকণ্ঠ ডঃ ভূপেন হাজৰিকাই লোৱা উদ্যোগৰ কথা ইতিহাসৰ পাতত সদায় সোণোৱালী আখৰেৰে জিলিকি থাকিব। সুধাকণ্ঠৰ পাছতে আমি যদি কাৰোবাৰ নাম ল'ব লাগে তেন্তে তেওঁ হৈছে আমাৰ সকলোৰে মৰমৰ আৰু আদৰৰ শিল্পী জুবিন গাৰ্গ। শংকৰদেৱ, মাধৱদেৱ, জ্যোতি, বিষ্ণু, ভূপেনদাৰ দৰে আমাৰ হিয়াৰ পৰা হঠাৎ আঁতৰি যোৱা প্ৰাণৰ শিল্পী জুবিন গাৰ্গেও এখন বৰ অসমৰ সপোন দেখিছিল। জাতি-ধৰ্ম, উচ্চ-নীচ সকলো ভেদাভেদ আঁতৰাই জুবিনে অসমীয়া জাতিৰ ক্ষেত্ৰত কোনোদিন আপোচ কৰা নাছিল। বিশুদ্ধ ৰভাব আৰু বীৰত্বৰে ভৰা বিজুলী মন, ভূপেনদাৰ দৰে অসমীয়াক সদাজাগ্ৰত কৰি থকা শিল্পীজনেই আছিল জুবিন গাৰ্গ। এইসকল মহান সম্ভাৱ উপৰি অমিতজ্যোতিৰ বায়ত্তীসুৰী, ফণী শৰ্মা, লক্ষ্যধৰ চৌধুৰী আদি বহু গুণী-জ্ঞানী মহান ব্যক্তিয়ে অসমীয়া জাতিলৈ আগবঢ়োৱা অৱদান চিৰস্মৰণীয় হৈ ৰ'ব। কিন্তু আজি উদ্বেগেৰে চাব লগা হৈছে। নানা জাতি, উপ-জাতি, বাৰেবৰণীয়া কলা-কৃষ্টিৰে গঢ়ি উঠা জাতিটোৰ বুকুত ভৰ দিব পৰা সুবিধাবাদীয়ে সিঁচিছে বিভাজনৰ বীজ। জাতিটোৰ উত্থানৰ বাবে সৰ্বস্ব উজাৰি দিয়া মহান ব্যক্তিসকলৰ নাম লৈ একাংশ নামি পৰিছে জাতিৰ বাবে। কেইবাজনক কৰে সুবিধাবাদে গোৱাল দৰে সময় যোৱাৰ পিছত সময় থাকোঁতেই আমি অসমীয়াবোৰ যদি সজাগ নহওঁ তেন্তে অনাগত দিনত অসমতে অসমীয়া জাতি মগনীয়া আৰু ভগনীয়া যে হ'ব তাত কোনো সন্দেহ নাই। সময়ৰ দুৰন্ত গতিৰ লগে লগে ইতিহাসৰ পৃষ্ঠাত সংযোজন হৈছে আৰু এটা নতুন বৰ্ষ। সকলোৰে মনত জাগি উঠিছে নতুন আশা-প্ৰত্যাশা, উদ্যমেৰে আগুৱাই যোৱাৰ সংকল্প। প্ৰাণৰ শিল্পী জুবিন গাৰ্গৰ অকাল মৃত্যুৱে ২০২৫ বৰ্ষক প্ৰতিজন অসমীয়াৰ মানসপটত বহু দিনলৈ এক দুঃস্বপ্নৰ দৰে সজীৱ কৰি ৰাখিব। লগে লগে আমি এই কথাও স্বীকাৰ কৰিব লাগিব যে জুবিনৰ মৃত্যুৱে জাতিটোক একতাৰ এনাজৰীৰে বান্ধি থৈ গ'ল।
